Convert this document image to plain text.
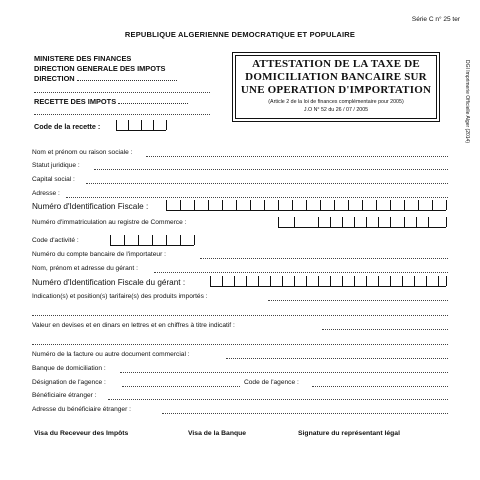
Série C n° 25 ter
REPUBLIQUE ALGERIENNE DEMOCRATIQUE ET POPULAIRE
MINISTERE DES FINANCES
DIRECTION GENERALE DES IMPOTS
DIRECTION
RECETTE DES IMPOTS
Code de la recette :
ATTESTATION DE LA TAXE DE
DOMICILIATION BANCAIRE SUR
UNE OPERATION D'IMPORTATION
(Article 2 de la loi de finances complémentaire pour 2005)
J.O N° 52 du 26 / 07 / 2005	DGI Imprimerie Officielle Alger (2014)
Nom et prénom ou raison sociale :
Statut juridique :
Capital social :
Adresse :
Numéro d'Identification Fiscale :
Numéro d'immatriculation au registre de Commerce :
Code d'activité :
Numéro du compte bancaire de l'importateur :
Nom, prénom et adresse du gérant :
Numéro d'Identification Fiscale du gérant :
Indication(s) et position(s) tarifaire(s) des produits importés :
Valeur en devises et en dinars en lettres et en chiffres à titre indicatif :
Numéro de la facture ou autre document commercial :
Banque de domiciliation :
Désignation de l'agence :	Code de l'agence :
Bénéficiaire étranger :
Adresse du bénéficiaire étranger :
Visa du Receveur des Impôts	Visa de la Banque	Signature du représentant légal
